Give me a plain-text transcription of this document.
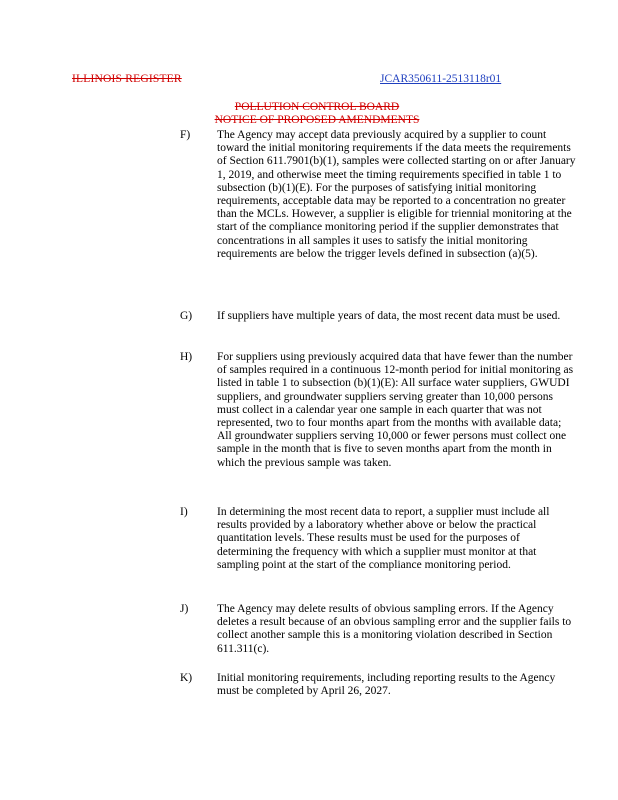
ILLINOIS REGISTER	JCAR350611-2513118r01
POLLUTION CONTROL BOARD
NOTICE OF PROPOSED AMENDMENTS
F)	The Agency may accept data previously acquired by a supplier to count toward the initial monitoring requirements if the data meets the requirements of Section 611.7901(b)(1), samples were collected starting on or after January 1, 2019, and otherwise meet the timing requirements specified in table 1 to subsection (b)(1)(E). For the purposes of satisfying initial monitoring requirements, acceptable data may be reported to a concentration no greater than the MCLs. However, a supplier is eligible for triennial monitoring at the start of the compliance monitoring period if the supplier demonstrates that concentrations in all samples it uses to satisfy the initial monitoring requirements are below the trigger levels defined in subsection (a)(5).
G)	If suppliers have multiple years of data, the most recent data must be used.
H)	For suppliers using previously acquired data that have fewer than the number of samples required in a continuous 12-month period for initial monitoring as listed in table 1 to subsection (b)(1)(E): All surface water suppliers, GWUDI suppliers, and groundwater suppliers serving greater than 10,000 persons must collect in a calendar year one sample in each quarter that was not represented, two to four months apart from the months with available data; All groundwater suppliers serving 10,000 or fewer persons must collect one sample in the month that is five to seven months apart from the month in which the previous sample was taken.
I)	In determining the most recent data to report, a supplier must include all results provided by a laboratory whether above or below the practical quantitation levels. These results must be used for the purposes of determining the frequency with which a supplier must monitor at that sampling point at the start of the compliance monitoring period.
J)	The Agency may delete results of obvious sampling errors. If the Agency deletes a result because of an obvious sampling error and the supplier fails to collect another sample this is a monitoring violation described in Section 611.311(c).
K)	Initial monitoring requirements, including reporting results to the Agency must be completed by April 26, 2027.
